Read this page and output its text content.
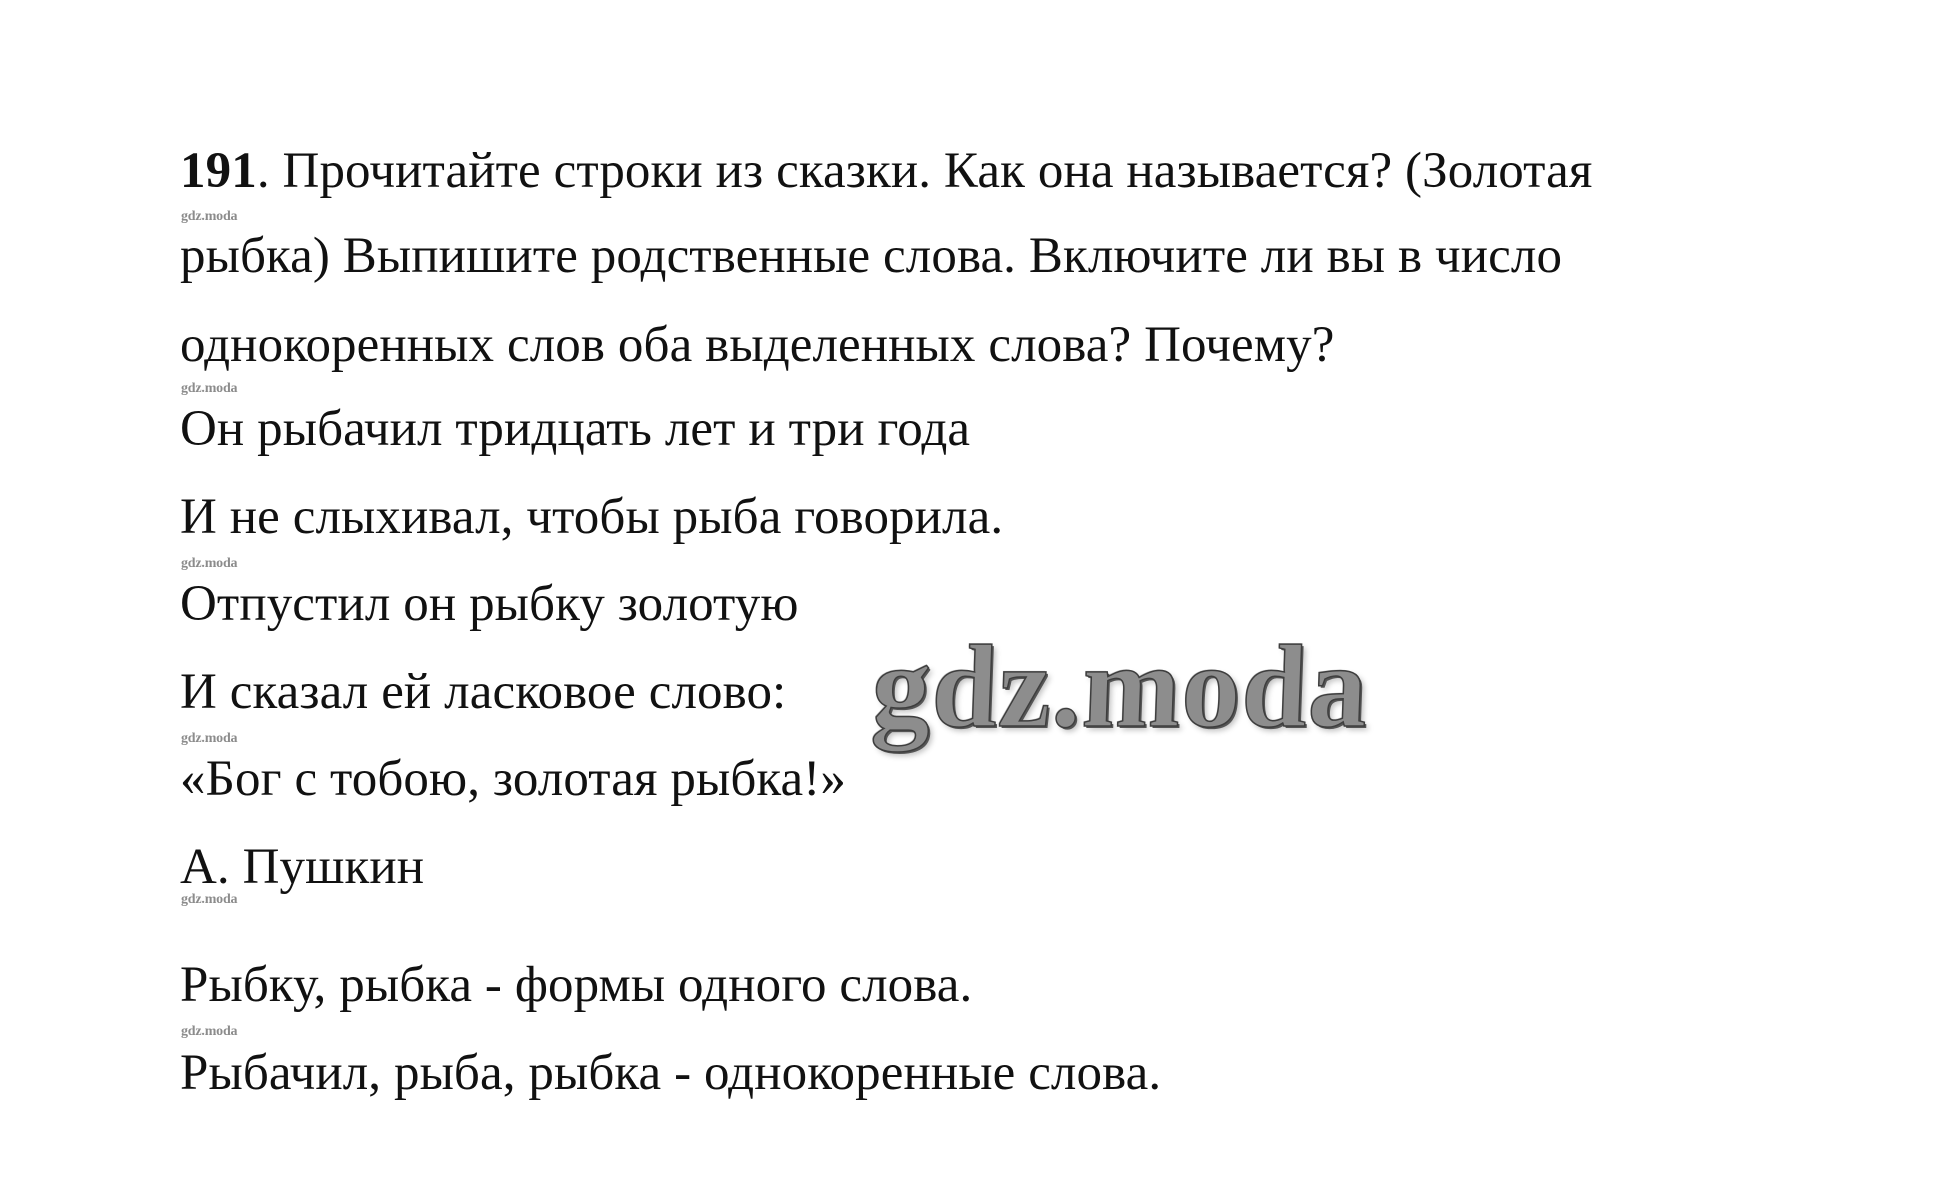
191. Прочитайте строки из сказки. Как она называется? (Золотая
gdz.moda
рыбка) Выпишите родственные слова. Включите ли вы в число
однокоренных слов оба выделенных слова? Почему?
gdz.moda
Он рыбачил тридцать лет и три года
И не слыхивал, чтобы рыба говорила.
gdz.moda
Отпустил он рыбку золотую
И сказал ей ласковое слово:
gdz.moda
«Бог с тобою, золотая рыбка!»
А. Пушкин
gdz.moda
Рыбку, рыбка - формы одного слова.
gdz.moda
Рыбачил, рыба, рыбка - однокоренные слова.
gdz.moda
